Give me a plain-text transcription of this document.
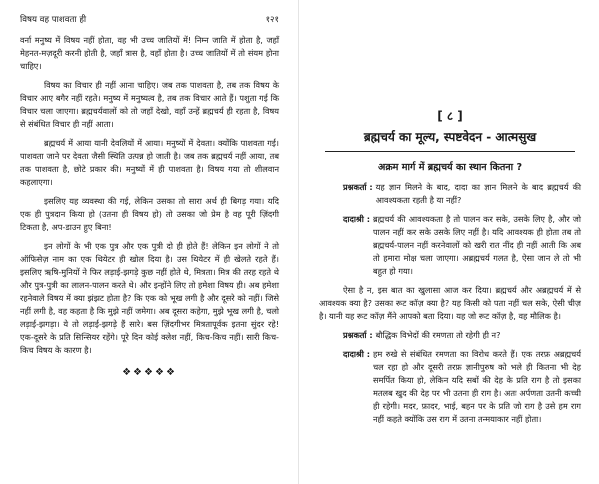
विषय वह पाशवता ही	१२१

वर्ना मनुष्य में विषय नहीं होता, वह भी उच्च जातियों में! निम्न जाति में होता है, जहाँ मेहनत-मज़दूरी करनी होती है, जहाँ त्रास है, वहाँ होता है। उच्च जातियों में तो संयम होना चाहिए।

विषय का विचार ही नहीं आना चाहिए। जब तक पाशवता है, तब तक विषय के विचार आए बगैर नहीं रहते। मनुष्य में मनुष्यत्व है, तब तक विचार आते हैं। पशुता गई कि विचार चला जाएगा। ब्रह्मचर्यवालों को तो जहाँ देखो, वहाँ उन्हें ब्रह्मचर्य ही रहता है, विषय से संबंधित विचार ही नहीं आता।

ब्रह्मचर्य में आया यानी देवलियों में आया। मनुष्यों में देवता। क्योंकि पाशवता गई। पाशवता जाने पर देवता जैसी स्थिति उत्पन्न हो जाती है। जब तक ब्रह्मचर्य नहीं आया, तब तक पाशवता है, छोटे प्रकार की। मनुष्यों में ही पाशवता है। विषय गया तो शीलवान कहलाएगा।

इसलिए यह व्यवस्था की गई, लेकिन उसका तो सारा अर्थ ही बिगड़ गया। यदि एक ही पुत्रदान किया हो (उतना ही विषय हो) तो उसका जो प्रेम है वह पूरी ज़िंदगी टिकता है, अप-डाउन हुए बिना!

इन लोगों के भी एक पुत्र और एक पुत्री दो ही होते हैं! लेकिन इन लोगों ने तो ऑफिसेज़ नाम का एक थियेटर ही खोल दिया है। उस थियेटर में ही खेलते रहते हैं। इसलिए ऋषि-मुनियों ने फिर लड़ाई-झगड़े कुछ नहीं होते थे, मित्रता। मित्र की तरह रहते थे और पुत्र-पुत्री का लालन-पालन करते थे। और इन्होंने लिए तो हमेशा विषय ही। अब हमेशा रहनेवाले विषय में क्या झंझट होता है? कि एक को भूख लगी है और दूसरे को नहीं। जिसे नहीं लगी है, वह कहता है कि मुझे नहीं जमेगा। अब दूसरा कहेगा, मुझे भूख लगी है, चलो लड़ाई-झगड़ा। ये तो लड़ाई-झगड़े हैं सारे। बस ज़िंदगीभर मित्रतापूर्वक इतना सुंदर रहे! एक-दूसरे के प्रति सिन्सियर रहेंगे। पूरे दिन कोई क्लेश नहीं, किच-किच नहीं। सारी किच-किच विषय के कारण है।

❖❖❖❖❖
[ ८ ]
ब्रह्मचर्य का मूल्य, स्पष्टवेदन - आत्मसुख
अक्रम मार्ग में ब्रह्मचर्य का स्थान कितना ?
प्रश्नकर्ता : यह ज्ञान मिलने के बाद, दादा का ज्ञान मिलने के बाद ब्रह्मचर्य की आवश्यकता रहती है या नहीं?
दादाश्री : ब्रह्मचर्य की आवश्यकता है तो पालन कर सके, उसके लिए है, और जो पालन नहीं कर सके उसके लिए नहीं है। यदि आवश्यक ही होता तब तो ब्रह्मचर्य-पालन नहीं करनेवालों को खरी रात नींद ही नहीं आती कि अब तो हमारा मोक्ष चला जाएगा। अब्रह्मचर्य गलत है, ऐसा जान ले तो भी बहुत हो गया।

ऐसा है न, इस बात का खुलासा आज कर दिया। ब्रह्मचर्य और अब्रह्मचर्य में से आवश्यक क्या है? उसका रूट कॉज़ क्या है? यह किसी को पता नहीं चल सके, ऐसी चीज़ है। यानी यह रूट कॉज़ मैंने आपको बता दिया। यह जो रूट कॉज़ है, वह मौलिक है।

प्रश्नकर्ता : बौद्धिक विभेदों की रमणता तो रहेगी ही न?
दादाश्री : हम रुखे से संबंधित रमणता का विरोध करते हैं। एक तरफ़ अब्रह्मचर्य चल रहा हो और दूसरी तरफ़ ज्ञानीपुरुष को भले ही कितना भी देह समर्पित किया हो, लेकिन यदि सबों की देह के प्रति राग है तो इसका मतलब खुद की देह पर भी उतना ही राग है। अतः अर्पणता उतनी कच्ची ही रहेगी। मदर, फ़ादर, भाई, बहन पर के प्रति जो राग है उसे हम राग नहीं कहते क्योंकि उस राग में उतना तन्मयाकार नहीं होता।
